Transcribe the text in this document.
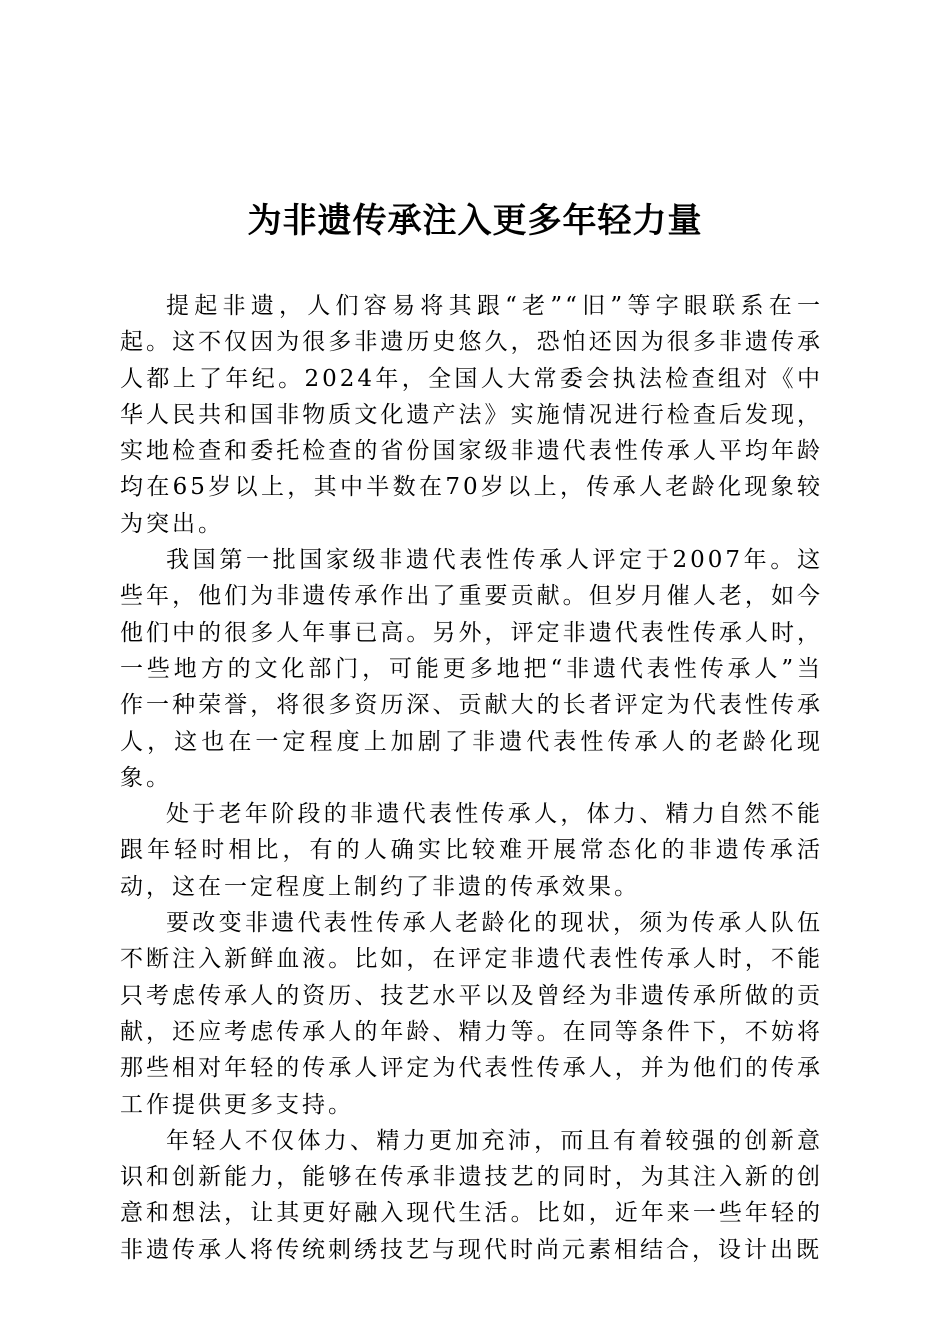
为非遗传承注入更多年轻力量

提起非遗，人们容易将其跟“老”“旧”等字眼联系在一起。这不仅因为很多非遗历史悠久，恐怕还因为很多非遗传承人都上了年纪。2024年，全国人大常委会执法检查组对《中华人民共和国非物质文化遗产法》实施情况进行检查后发现，实地检查和委托检查的省份国家级非遗代表性传承人平均年龄均在65岁以上，其中半数在70岁以上，传承人老龄化现象较为突出。

我国第一批国家级非遗代表性传承人评定于2007年。这些年，他们为非遗传承作出了重要贡献。但岁月催人老，如今他们中的很多人年事已高。另外，评定非遗代表性传承人时，一些地方的文化部门，可能更多地把“非遗代表性传承人”当作一种荣誉，将很多资历深、贡献大的长者评定为代表性传承人，这也在一定程度上加剧了非遗代表性传承人的老龄化现象。

处于老年阶段的非遗代表性传承人，体力、精力自然不能跟年轻时相比，有的人确实比较难开展常态化的非遗传承活动，这在一定程度上制约了非遗的传承效果。

要改变非遗代表性传承人老龄化的现状，须为传承人队伍不断注入新鲜血液。比如，在评定非遗代表性传承人时，不能只考虑传承人的资历、技艺水平以及曾经为非遗传承所做的贡献，还应考虑传承人的年龄、精力等。在同等条件下，不妨将那些相对年轻的传承人评定为代表性传承人，并为他们的传承工作提供更多支持。

年轻人不仅体力、精力更加充沛，而且有着较强的创新意识和创新能力，能够在传承非遗技艺的同时，为其注入新的创意和想法，让其更好融入现代生活。比如，近年来一些年轻的非遗传承人将传统刺绣技艺与现代时尚元素相结合，设计出既
